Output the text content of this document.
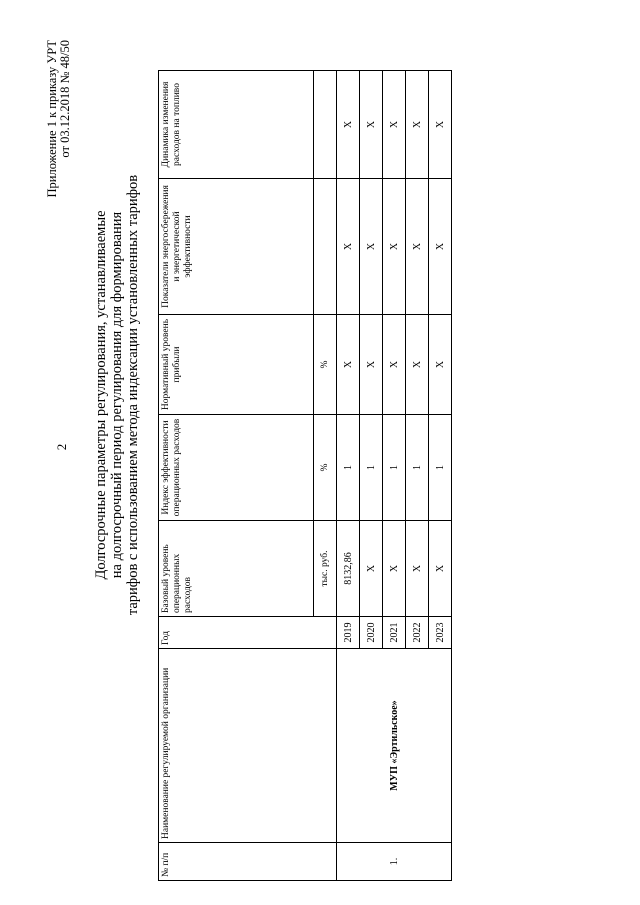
2
Приложение 1 к приказу УРТ от 03.12.2018 № 48/50
Долгосрочные параметры регулирования, устанавливаемые на долгосрочный период регулирования для формирования тарифов с использованием метода индексации установленных тарифов
№ п/п	Наименование регулируемой организации	Год	Базовый уровень операционных расходов	Индекс эффективности операционных расходов	Нормативный уровень прибыли	Показатели энергосбережения и энергетической эффективности	Динамика изменения расходов на топливо
			тыс. руб.	%	%		
1.	МУП «Эртильское»	2019	8132,86	1	Х	Х	Х
		2020	Х	1	Х	Х	Х
		2021	Х	1	Х	Х	Х
		2022	Х	1	Х	Х	Х
		2023	Х	1	Х	Х	Х
